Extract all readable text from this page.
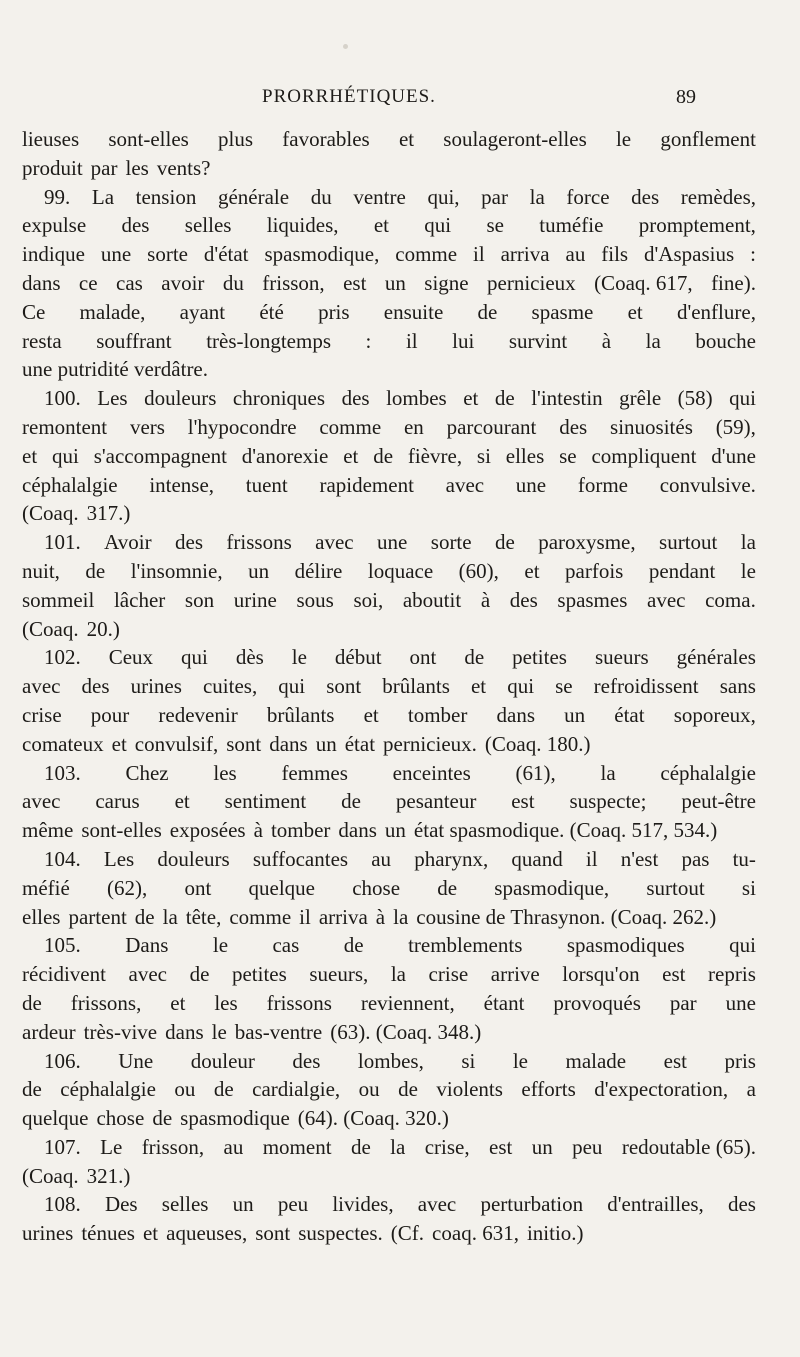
PRORRHÉTIQUES.	89
lieuses sont-elles plus favorables et soulageront-elles le gonflement
produit par les vents?
99. La tension générale du ventre qui, par la force des remèdes,
expulse des selles liquides, et qui se tuméfie promptement,
indique une sorte d'état spasmodique, comme il arriva au fils d'Aspasius :
dans ce cas avoir du frisson, est un signe pernicieux (Coaq. 617, fine).
Ce malade, ayant été pris ensuite de spasme et d'enflure,
resta souffrant très-longtemps : il lui survint à la bouche
une putridité verdâtre.
100. Les douleurs chroniques des lombes et de l'intestin grêle (58) qui
remontent vers l'hypocondre comme en parcourant des sinuosités (59),
et qui s'accompagnent d'anorexie et de fièvre, si elles se compliquent d'une
céphalalgie intense, tuent rapidement avec une forme convulsive.
(Coaq. 317.)
101. Avoir des frissons avec une sorte de paroxysme, surtout la
nuit, de l'insomnie, un délire loquace (60), et parfois pendant le
sommeil lâcher son urine sous soi, aboutit à des spasmes avec coma.
(Coaq. 20.)
102. Ceux qui dès le début ont de petites sueurs générales
avec des urines cuites, qui sont brûlants et qui se refroidissent sans
crise pour redevenir brûlants et tomber dans un état soporeux,
comateux et convulsif, sont dans un état pernicieux. (Coaq. 180.)
103. Chez les femmes enceintes (61), la céphalalgie
avec carus et sentiment de pesanteur est suspecte; peut-être
même sont-elles exposées à tomber dans un état spasmodique. (Coaq. 517, 534.)
104. Les douleurs suffocantes au pharynx, quand il n'est pas tu-
méfié (62), ont quelque chose de spasmodique, surtout si
elles partent de la tête, comme il arriva à la cousine de Thrasynon. (Coaq. 262.)
105. Dans le cas de tremblements spasmodiques qui
récidivent avec de petites sueurs, la crise arrive lorsqu'on est repris
de frissons, et les frissons reviennent, étant provoqués par une
ardeur très-vive dans le bas-ventre (63). (Coaq. 348.)
106. Une douleur des lombes, si le malade est pris
de céphalalgie ou de cardialgie, ou de violents efforts d'expectoration, a
quelque chose de spasmodique (64). (Coaq. 320.)
107. Le frisson, au moment de la crise, est un peu redoutable (65).
(Coaq. 321.)
108. Des selles un peu livides, avec perturbation d'entrailles, des
urines ténues et aqueuses, sont suspectes. (Cf. coaq. 631, initio.)
